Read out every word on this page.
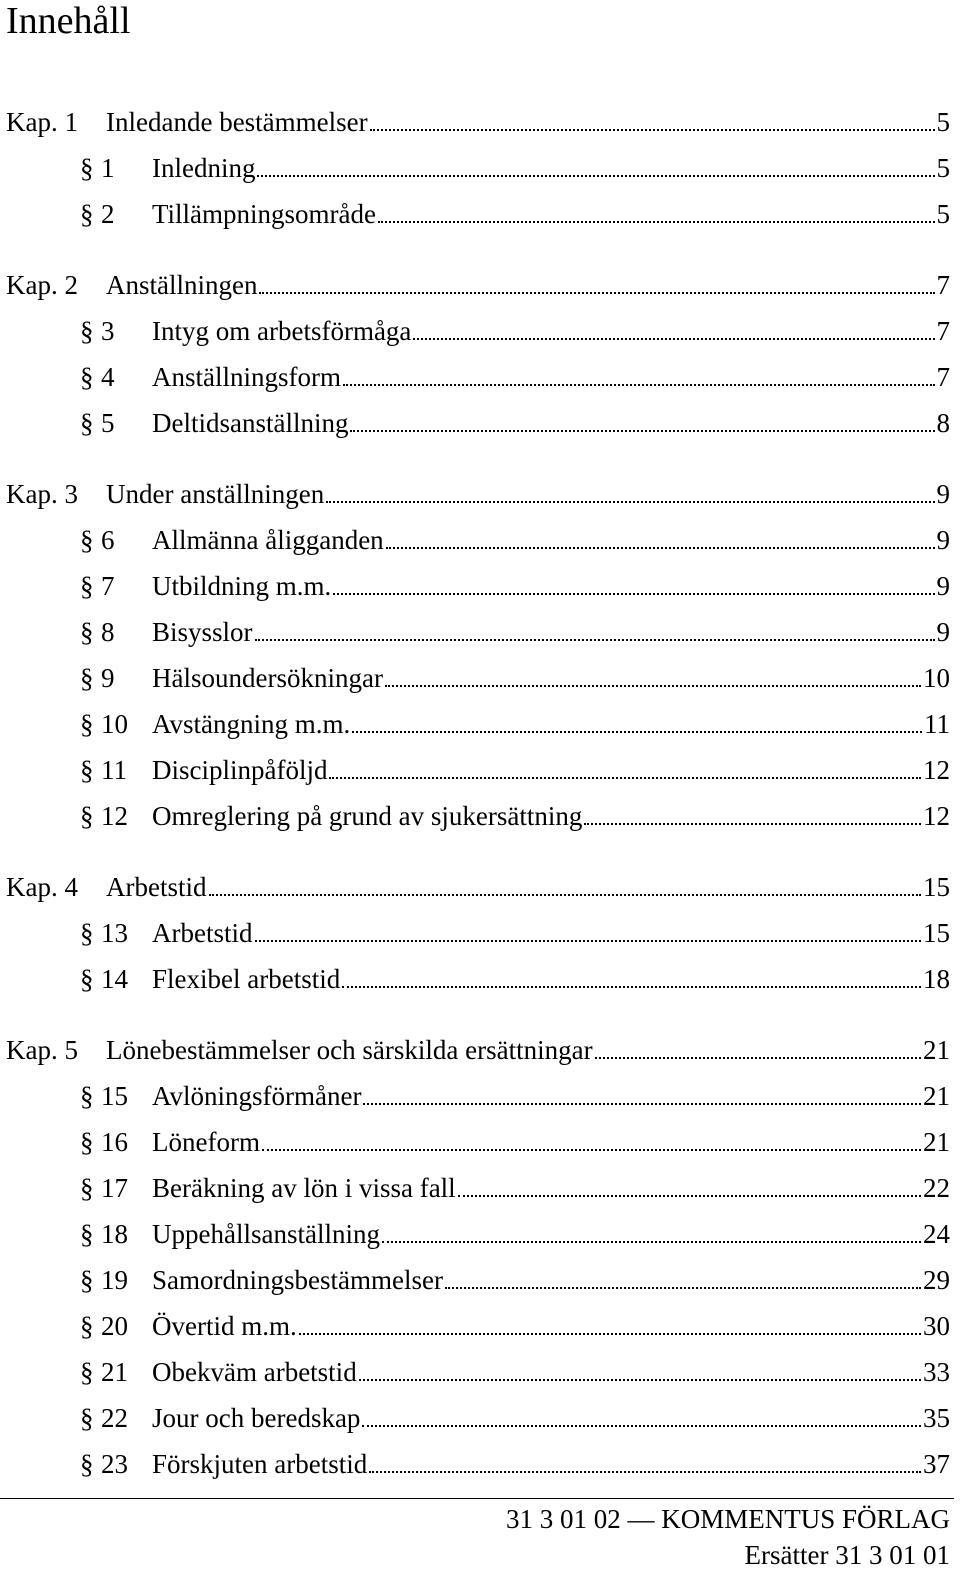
Innehåll
Kap. 1 Inledande bestämmelser	5
§ 1 Inledning	5
§ 2 Tillämpningsområde	5
Kap. 2 Anställningen	7
§ 3 Intyg om arbetsförmåga	7
§ 4 Anställningsform	7
§ 5 Deltidsanställning	8
Kap. 3 Under anställningen	9
§ 6 Allmänna åligganden	9
§ 7 Utbildning m.m.	9
§ 8 Bisysslor	9
§ 9 Hälsoundersökningar	10
§ 10 Avstängning m.m.	11
§ 11 Disciplinpåföljd	12
§ 12 Omreglering på grund av sjukersättning	12
Kap. 4 Arbetstid	15
§ 13 Arbetstid	15
§ 14 Flexibel arbetstid	18
Kap. 5 Lönebestämmelser och särskilda ersättningar	21
§ 15 Avlöningsförmåner	21
§ 16 Löneform	21
§ 17 Beräkning av lön i vissa fall	22
§ 18 Uppehållsanställning	24
§ 19 Samordningsbestämmelser	29
§ 20 Övertid m.m.	30
§ 21 Obekväm arbetstid	33
§ 22 Jour och beredskap	35
§ 23 Förskjuten arbetstid	37
31 3 01 02 — KOMMENTUS FÖRLAG
Ersätter 31 3 01 01
